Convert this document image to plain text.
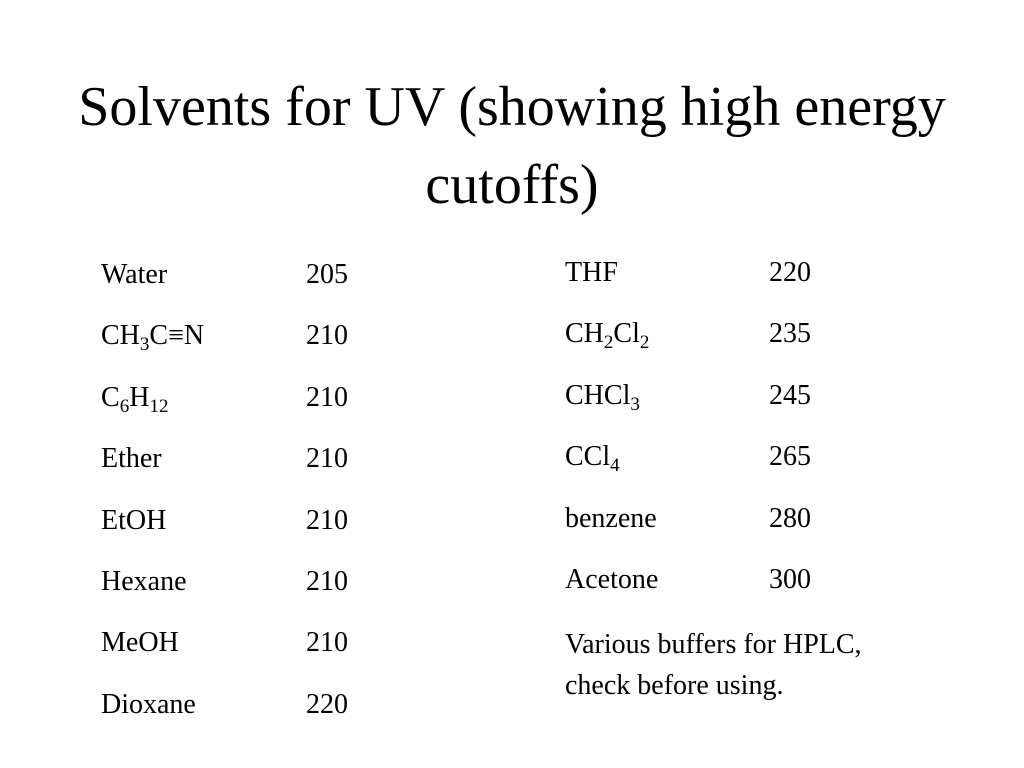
Solvents for UV (showing high energy cutoffs)
Water	205
$CH_3C\equiv N$	210
$C_6H_{12}$	210
Ether	210
EtOH	210
Hexane	210
MeOH	210
Dioxane	220
THF	220
$CH_2Cl_2$	235
CHCl$_3$	245
CCl$_4$	265
benzene	280
Acetone	300
Various buffers for HPLC, check before using.
